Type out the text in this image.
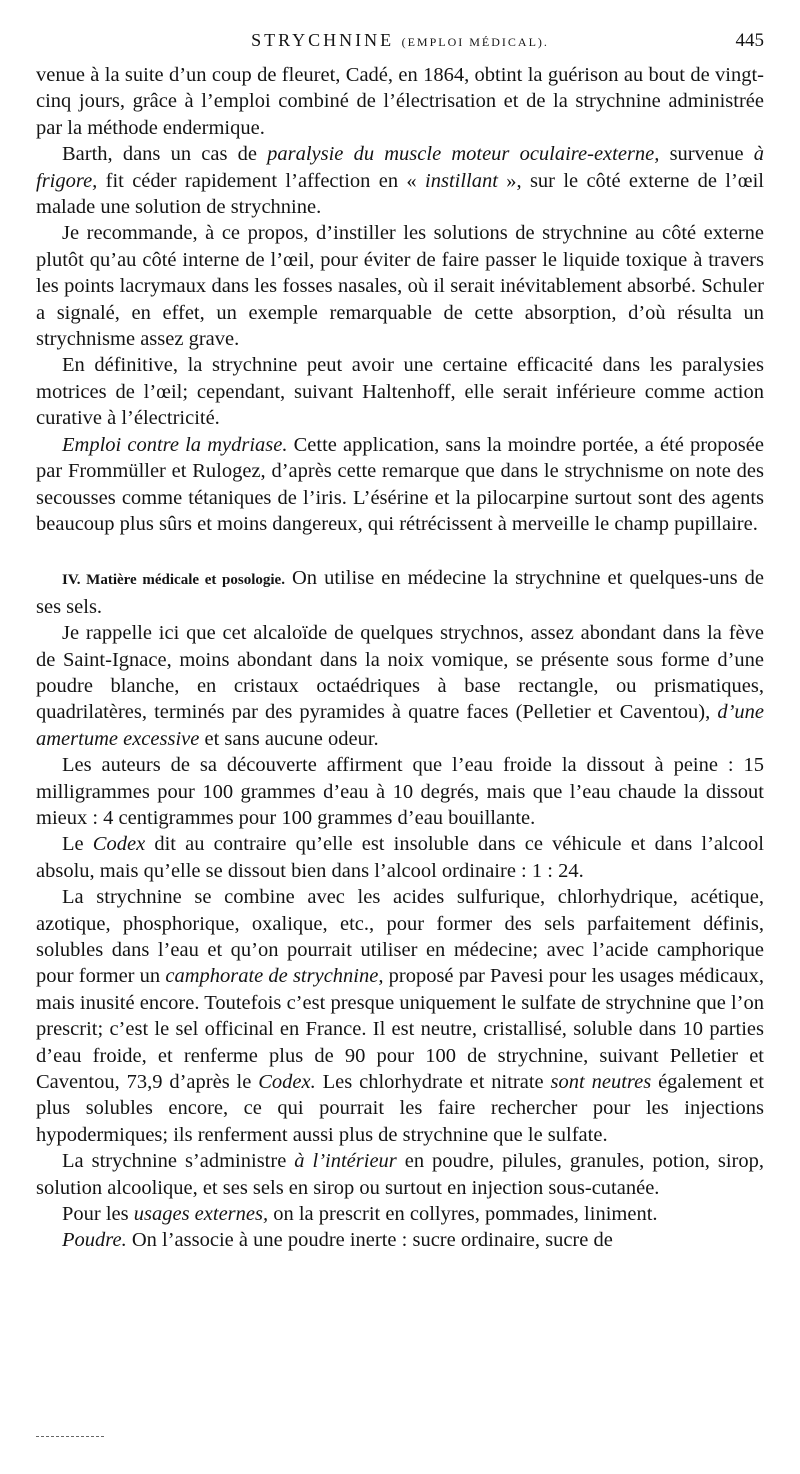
STRYCHNINE (EMPLOI MÉDICAL).	445

venue à la suite d’un coup de fleuret, Cadé, en 1864, obtint la guérison au bout de vingt-cinq jours, grâce à l’emploi combiné de l’électrisation et de la strychnine administrée par la méthode endermique.

Barth, dans un cas de paralysie du muscle moteur oculaire-externe, survenue à frigore, fit céder rapidement l’affection en « instillant », sur le côté externe de l’œil malade une solution de strychnine.

Je recommande, à ce propos, d’instiller les solutions de strychnine au côté externe plutôt qu’au côté interne de l’œil, pour éviter de faire passer le liquide toxique à travers les points lacrymaux dans les fosses nasales, où il serait inévitablement absorbé. Schuler a signalé, en effet, un exemple remarquable de cette absorption, d’où résulta un strychnisme assez grave.

En définitive, la strychnine peut avoir une certaine efficacité dans les paralysies motrices de l’œil; cependant, suivant Haltenhoff, elle serait inférieure comme action curative à l’électricité.

Emploi contre la mydriase. Cette application, sans la moindre portée, a été proposée par Frommüller et Rulogez, d’après cette remarque que dans le strychnisme on note des secousses comme tétaniques de l’iris. L’ésérine et la pilocarpine surtout sont des agents beaucoup plus sûrs et moins dangereux, qui rétrécissent à merveille le champ pupillaire.

IV. Matière médicale et posologie. On utilise en médecine la strychnine et quelques-uns de ses sels.

Je rappelle ici que cet alcaloïde de quelques strychnos, assez abondant dans la fève de Saint-Ignace, moins abondant dans la noix vomique, se présente sous forme d’une poudre blanche, en cristaux octaédriques à base rectangle, ou prismatiques, quadrilatères, terminés par des pyramides à quatre faces (Pelletier et Caventou), d’une amertume excessive et sans aucune odeur.

Les auteurs de sa découverte affirment que l’eau froide la dissout à peine : 15 milligrammes pour 100 grammes d’eau à 10 degrés, mais que l’eau chaude la dissout mieux : 4 centigrammes pour 100 grammes d’eau bouillante.

Le Codex dit au contraire qu’elle est insoluble dans ce véhicule et dans l’alcool absolu, mais qu’elle se dissout bien dans l’alcool ordinaire : 1 : 24.

La strychnine se combine avec les acides sulfurique, chlorhydrique, acétique, azotique, phosphorique, oxalique, etc., pour former des sels parfaitement définis, solubles dans l’eau et qu’on pourrait utiliser en médecine; avec l’acide camphorique pour former un camphorate de strychnine, proposé par Pavesi pour les usages médicaux, mais inusité encore. Toutefois c’est presque uniquement le sulfate de strychnine que l’on prescrit; c’est le sel officinal en France. Il est neutre, cristallisé, soluble dans 10 parties d’eau froide, et renferme plus de 90 pour 100 de strychnine, suivant Pelletier et Caventou, 73,9 d’après le Codex. Les chlorhydrate et nitrate sont neutres également et plus solubles encore, ce qui pourrait les faire rechercher pour les injections hypodermiques; ils renferment aussi plus de strychnine que le sulfate.

La strychnine s’administre à l’intérieur en poudre, pilules, granules, potion, sirop, solution alcoolique, et ses sels en sirop ou surtout en injection sous-cutanée.

Pour les usages externes, on la prescrit en collyres, pommades, liniment.

Poudre. On l’associe à une poudre inerte : sucre ordinaire, sucre de
